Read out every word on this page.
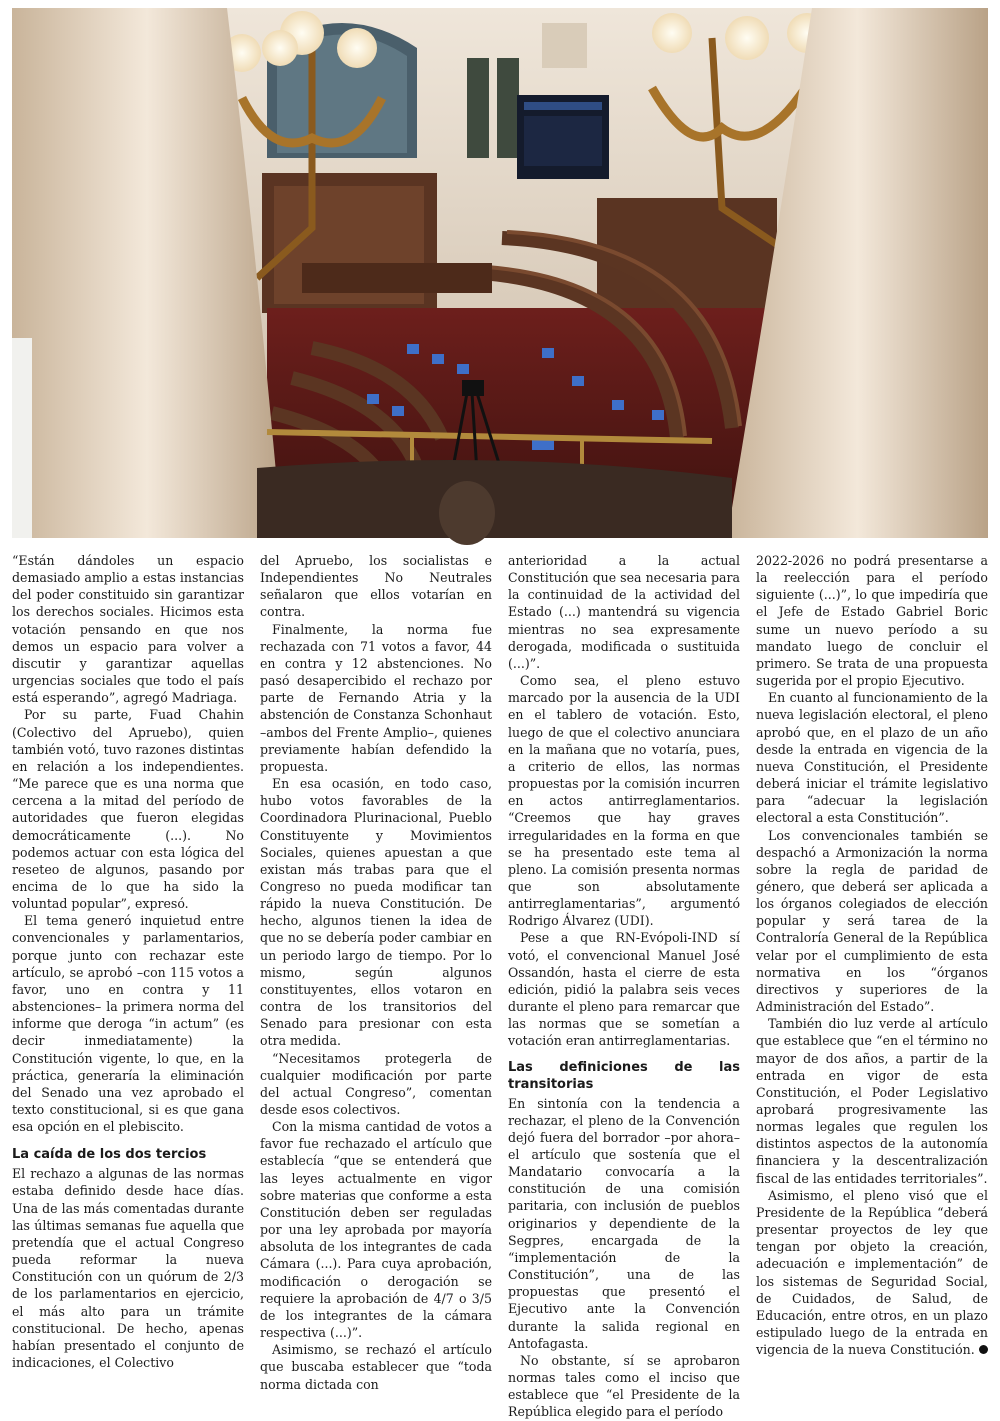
“Están dándoles un espacio demasiado amplio a estas instancias del poder constituido sin garantizar los derechos sociales. Hicimos esta votación pensando en que nos demos un espacio para volver a discutir y garantizar aquellas urgencias sociales que todo el país está esperando”, agregó Madriaga.

Por su parte, Fuad Chahin (Colectivo del Apruebo), quien también votó, tuvo razones distintas en relación a los independientes. “Me parece que es una norma que cercena a la mitad del período de autoridades que fueron elegidas democráticamente (...). No podemos actuar con esta lógica del reseteo de algunos, pasando por encima de lo que ha sido la voluntad popular”, expresó.

El tema generó inquietud entre convencionales y parlamentarios, porque junto con rechazar este artículo, se aprobó –con 115 votos a favor, uno en contra y 11 abstenciones– la primera norma del informe que deroga “in actum” (es decir inmediatamente) la Constitución vigente, lo que, en la práctica, generaría la eliminación del Senado una vez aprobado el texto constitucional, si es que gana esa opción en el plebiscito.

La caída de los dos tercios

El rechazo a algunas de las normas estaba definido desde hace días. Una de las más comentadas durante las últimas semanas fue aquella que pretendía que el actual Congreso pueda reformar la nueva Constitución con un quórum de 2/3 de los parlamentarios en ejercicio, el más alto para un trámite constitucional. De hecho, apenas habían presentado el conjunto de indicaciones, el Colectivo

del Apruebo, los socialistas e Independientes No Neutrales señalaron que ellos votarían en contra.

Finalmente, la norma fue rechazada con 71 votos a favor, 44 en contra y 12 abstenciones. No pasó desapercibido el rechazo por parte de Fernando Atria y la abstención de Constanza Schonhaut –ambos del Frente Amplio–, quienes previamente habían defendido la propuesta.

En esa ocasión, en todo caso, hubo votos favorables de la Coordinadora Plurinacional, Pueblo Constituyente y Movimientos Sociales, quienes apuestan a que existan más trabas para que el Congreso no pueda modificar tan rápido la nueva Constitución. De hecho, algunos tienen la idea de que no se debería poder cambiar en un periodo largo de tiempo. Por lo mismo, según algunos constituyentes, ellos votaron en contra de los transitorios del Senado para presionar con esta otra medida.

“Necesitamos protegerla de cualquier modificación por parte del actual Congreso”, comentan desde esos colectivos.

Con la misma cantidad de votos a favor fue rechazado el artículo que establecía “que se entenderá que las leyes actualmente en vigor sobre materias que conforme a esta Constitución deben ser reguladas por una ley aprobada por mayoría absoluta de los integrantes de cada Cámara (...). Para cuya aprobación, modificación o derogación se requiere la aprobación de 4/7 o 3/5 de los integrantes de la cámara respectiva (...)”.

Asimismo, se rechazó el artículo que buscaba establecer que “toda norma dictada con

anterioridad a la actual Constitución que sea necesaria para la continuidad de la actividad del Estado (...) mantendrá su vigencia mientras no sea expresamente derogada, modificada o sustituida (...)”.

Como sea, el pleno estuvo marcado por la ausencia de la UDI en el tablero de votación. Esto, luego de que el colectivo anunciara en la mañana que no votaría, pues, a criterio de ellos, las normas propuestas por la comisión incurren en actos antirreglamentarios. “Creemos que hay graves irregularidades en la forma en que se ha presentado este tema al pleno. La comisión presenta normas que son absolutamente antirreglamentarias”, argumentó Rodrigo Álvarez (UDI).

Pese a que RN-Evópoli-IND sí votó, el convencional Manuel José Ossandón, hasta el cierre de esta edición, pidió la palabra seis veces durante el pleno para remarcar que las normas que se sometían a votación eran antirreglamentarias.

Las definiciones de las transitorias

En sintonía con la tendencia a rechazar, el pleno de la Convención dejó fuera del borrador –por ahora– el artículo que sostenía que el Mandatario convocaría a la constitución de una comisión paritaria, con inclusión de pueblos originarios y dependiente de la Segpres, encargada de la “implementación de la Constitución”, una de las propuestas que presentó el Ejecutivo ante la Convención durante la salida regional en Antofagasta.

No obstante, sí se aprobaron normas tales como el inciso que establece que “el Presidente de la República elegido para el período

2022-2026 no podrá presentarse a la reelección para el período siguiente (...)”, lo que impediría que el Jefe de Estado Gabriel Boric sume un nuevo período a su mandato luego de concluir el primero. Se trata de una propuesta sugerida por el propio Ejecutivo.

En cuanto al funcionamiento de la nueva legislación electoral, el pleno aprobó que, en el plazo de un año desde la entrada en vigencia de la nueva Constitución, el Presidente deberá iniciar el trámite legislativo para “adecuar la legislación electoral a esta Constitución”.

Los convencionales también se despachó a Armonización la norma sobre la regla de paridad de género, que deberá ser aplicada a los órganos colegiados de elección popular y será tarea de la Contraloría General de la República velar por el cumplimiento de esta normativa en los “órganos directivos y superiores de la Administración del Estado”.

También dio luz verde al artículo que establece que “en el término no mayor de dos años, a partir de la entrada en vigor de esta Constitución, el Poder Legislativo aprobará progresivamente las normas legales que regulen los distintos aspectos de la autonomía financiera y la descentralización fiscal de las entidades territoriales”.

Asimismo, el pleno visó que el Presidente de la República “deberá presentar proyectos de ley que tengan por objeto la creación, adecuación e implementación” de los sistemas de Seguridad Social, de Cuidados, de Salud, de Educación, entre otros, en un plazo estipulado luego de la entrada en vigencia de la nueva Constitución.
